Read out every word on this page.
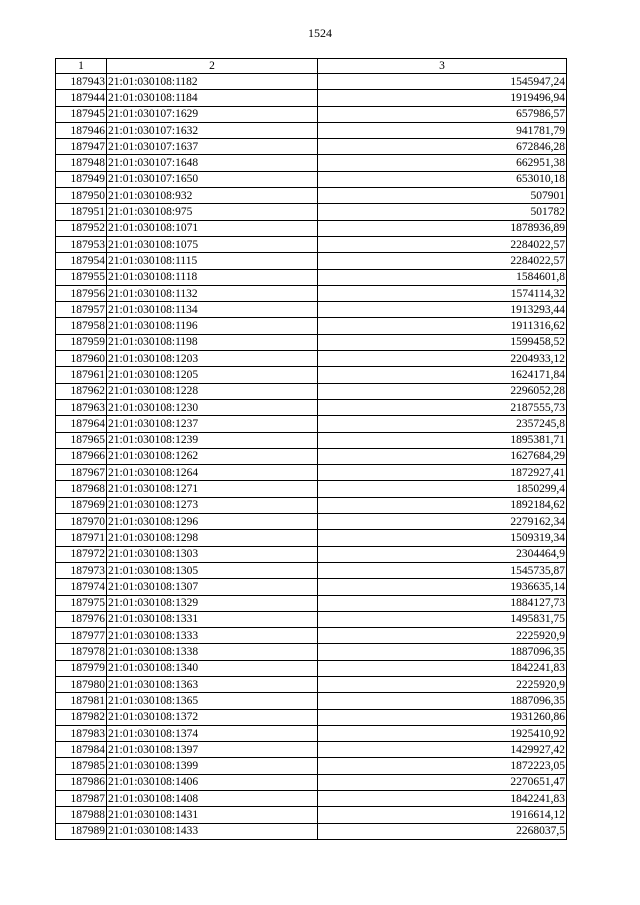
1524
1	2	3
187943	21:01:030108:1182	1545947,24
187944	21:01:030108:1184	1919496,94
187945	21:01:030107:1629	657986,57
187946	21:01:030107:1632	941781,79
187947	21:01:030107:1637	672846,28
187948	21:01:030107:1648	662951,38
187949	21:01:030107:1650	653010,18
187950	21:01:030108:932	507901
187951	21:01:030108:975	501782
187952	21:01:030108:1071	1878936,89
187953	21:01:030108:1075	2284022,57
187954	21:01:030108:1115	2284022,57
187955	21:01:030108:1118	1584601,8
187956	21:01:030108:1132	1574114,32
187957	21:01:030108:1134	1913293,44
187958	21:01:030108:1196	1911316,62
187959	21:01:030108:1198	1599458,52
187960	21:01:030108:1203	2204933,12
187961	21:01:030108:1205	1624171,84
187962	21:01:030108:1228	2296052,28
187963	21:01:030108:1230	2187555,73
187964	21:01:030108:1237	2357245,8
187965	21:01:030108:1239	1895381,71
187966	21:01:030108:1262	1627684,29
187967	21:01:030108:1264	1872927,41
187968	21:01:030108:1271	1850299,4
187969	21:01:030108:1273	1892184,62
187970	21:01:030108:1296	2279162,34
187971	21:01:030108:1298	1509319,34
187972	21:01:030108:1303	2304464,9
187973	21:01:030108:1305	1545735,87
187974	21:01:030108:1307	1936635,14
187975	21:01:030108:1329	1884127,73
187976	21:01:030108:1331	1495831,75
187977	21:01:030108:1333	2225920,9
187978	21:01:030108:1338	1887096,35
187979	21:01:030108:1340	1842241,83
187980	21:01:030108:1363	2225920,9
187981	21:01:030108:1365	1887096,35
187982	21:01:030108:1372	1931260,86
187983	21:01:030108:1374	1925410,92
187984	21:01:030108:1397	1429927,42
187985	21:01:030108:1399	1872223,05
187986	21:01:030108:1406	2270651,47
187987	21:01:030108:1408	1842241,83
187988	21:01:030108:1431	1916614,12
187989	21:01:030108:1433	2268037,5
